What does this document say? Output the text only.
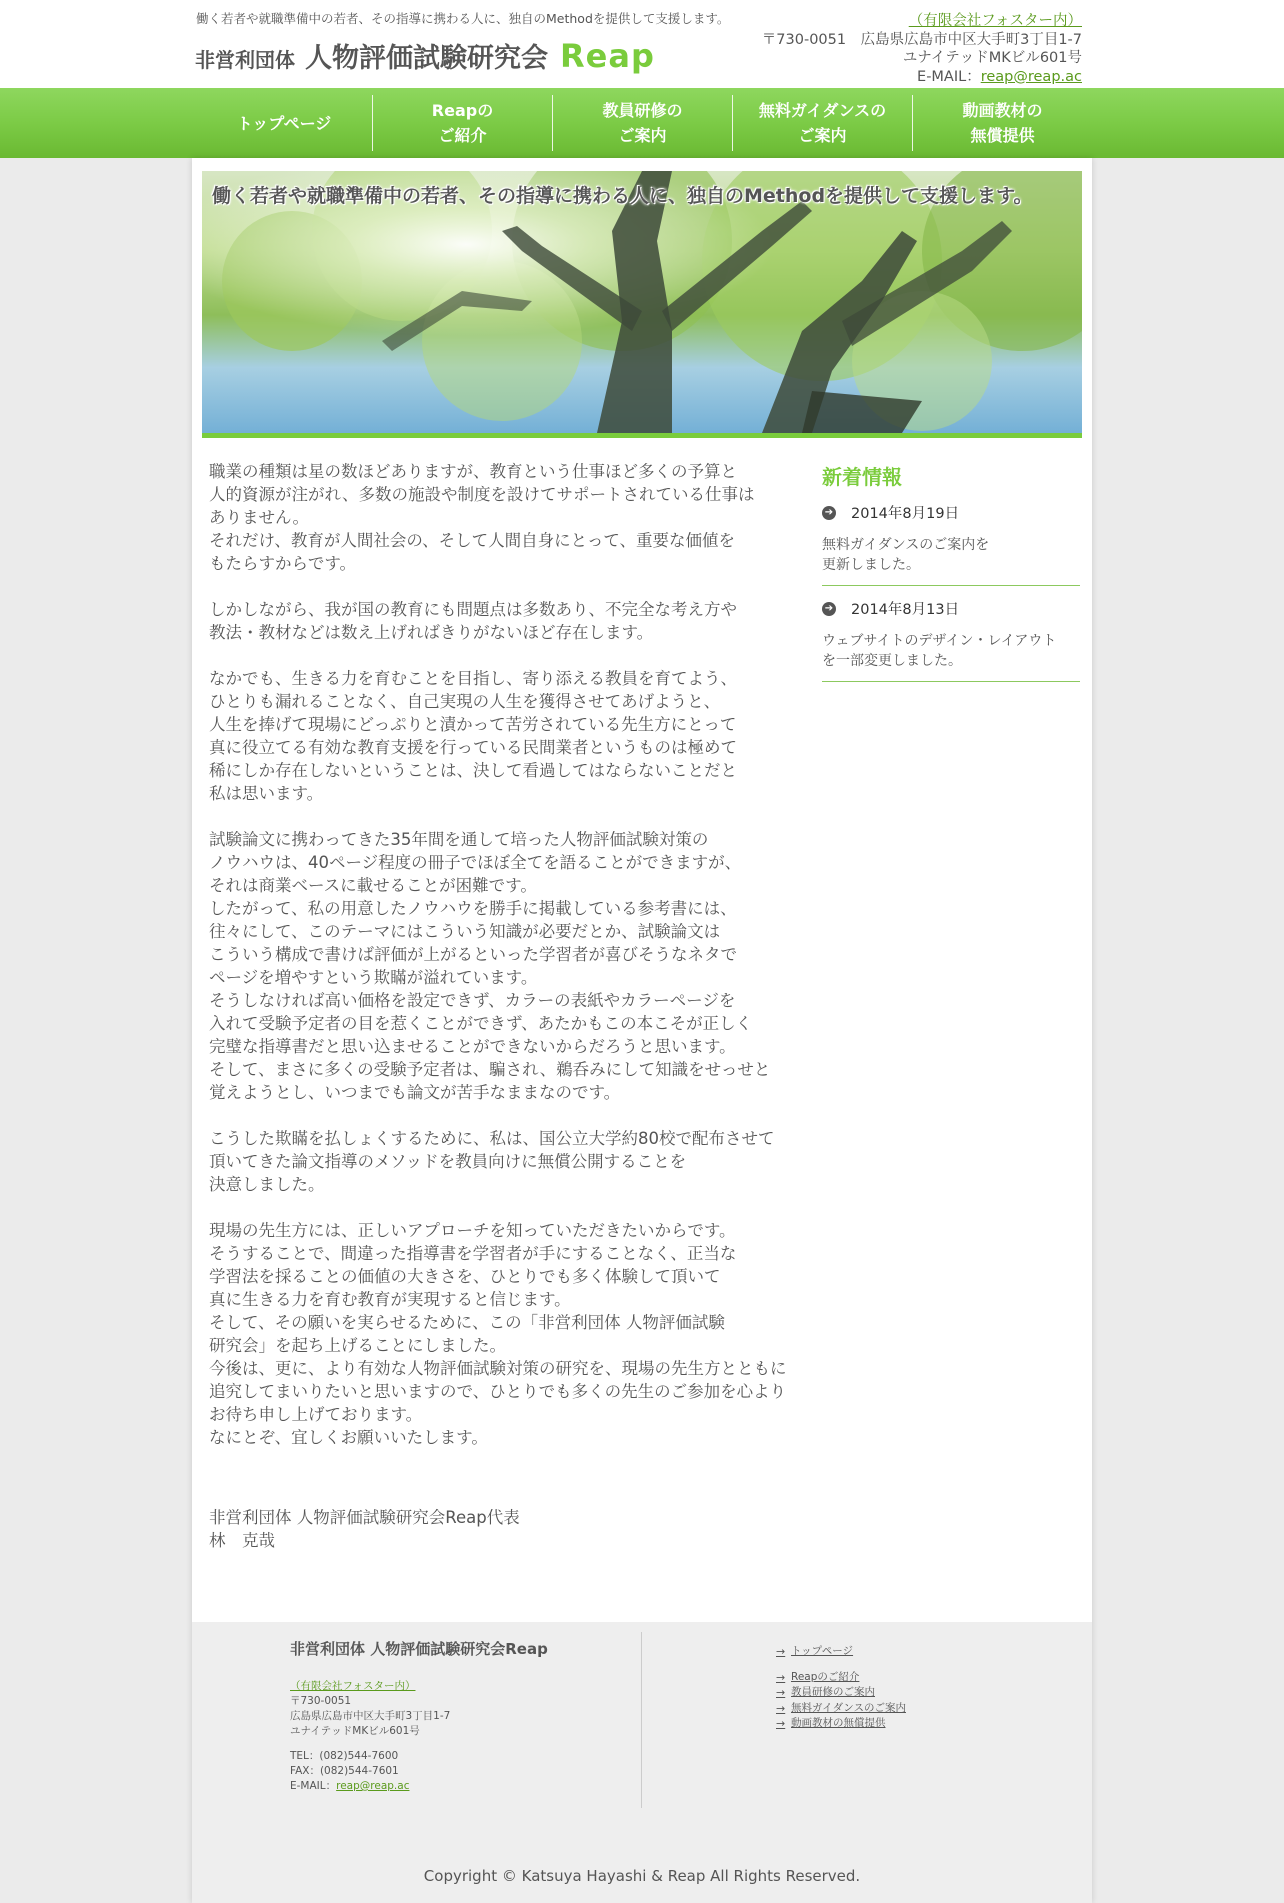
働く若者や就職準備中の若者、その指導に携わる人に、独自のMethodを提供して支援します。
非営利団体 人物評価試験研究会 Reap
（有限会社フォスター内）
〒730-0051　広島県広島市中区大手町3丁目1-7
ユナイテッドMKビル601号
E-MAIL：reap@reap.ac
トップページ
Reapの
ご紹介
教員研修の
ご案内
無料ガイダンスの
ご案内
動画教材の
無償提供
働く若者や就職準備中の若者、その指導に携わる人に、独自のMethodを提供して支援します。
職業の種類は星の数ほどありますが、教育という仕事ほど多くの予算と
人的資源が注がれ、多数の施設や制度を設けてサポートされている仕事は
ありません。
それだけ、教育が人間社会の、そして人間自身にとって、重要な価値を
もたらすからです。

しかしながら、我が国の教育にも問題点は多数あり、不完全な考え方や
教法・教材などは数え上げればきりがないほど存在します。

なかでも、生きる力を育むことを目指し、寄り添える教員を育てよう、
ひとりも漏れることなく、自己実現の人生を獲得させてあげようと、
人生を捧げて現場にどっぷりと漬かって苦労されている先生方にとって
真に役立てる有効な教育支援を行っている民間業者というものは極めて
稀にしか存在しないということは、決して看過してはならないことだと
私は思います。

試験論文に携わってきた35年間を通して培った人物評価試験対策の
ノウハウは、40ページ程度の冊子でほぼ全てを語ることができますが、
それは商業ベースに載せることが困難です。
したがって、私の用意したノウハウを勝手に掲載している参考書には、
往々にして、このテーマにはこういう知識が必要だとか、試験論文は
こういう構成で書けば評価が上がるといった学習者が喜びそうなネタで
ページを増やすという欺瞞が溢れています。
そうしなければ高い価格を設定できず、カラーの表紙やカラーページを
入れて受験予定者の目を惹くことができず、あたかもこの本こそが正しく
完璧な指導書だと思い込ませることができないからだろうと思います。
そして、まさに多くの受験予定者は、騙され、鵜呑みにして知識をせっせと
覚えようとし、いつまでも論文が苦手なままなのです。

こうした欺瞞を払しょくするために、私は、国公立大学約80校で配布させて
頂いてきた論文指導のメソッドを教員向けに無償公開することを
決意しました。

現場の先生方には、正しいアプローチを知っていただきたいからです。
そうすることで、間違った指導書を学習者が手にすることなく、正当な
学習法を採ることの価値の大きさを、ひとりでも多く体験して頂いて
真に生きる力を育む教育が実現すると信じます。
そして、その願いを実らせるために、この「非営利団体 人物評価試験
研究会」を起ち上げることにしました。
今後は、更に、より有効な人物評価試験対策の研究を、現場の先生方とともに
追究してまいりたいと思いますので、ひとりでも多くの先生のご参加を心より
お待ち申し上げております。
なにとぞ、宜しくお願いいたします。
非営利団体 人物評価試験研究会Reap代表
林　克哉
新着情報
➔ 2014年8月19日
無料ガイダンスのご案内を
更新しました。
➔ 2014年8月13日
ウェブサイトのデザイン・レイアウト
を一部変更しました。
非営利団体 人物評価試験研究会Reap
（有限会社フォスター内）
〒730-0051
広島県広島市中区大手町3丁目1-7
ユナイテッドMKビル601号
TEL：(082)544-7600
FAX：(082)544-7601
E-MAIL：reap@reap.ac
→ トップページ
→ Reapのご紹介
→ 教員研修のご案内
→ 無料ガイダンスのご案内
→ 動画教材の無償提供
Copyright © Katsuya Hayashi & Reap All Rights Reserved.
